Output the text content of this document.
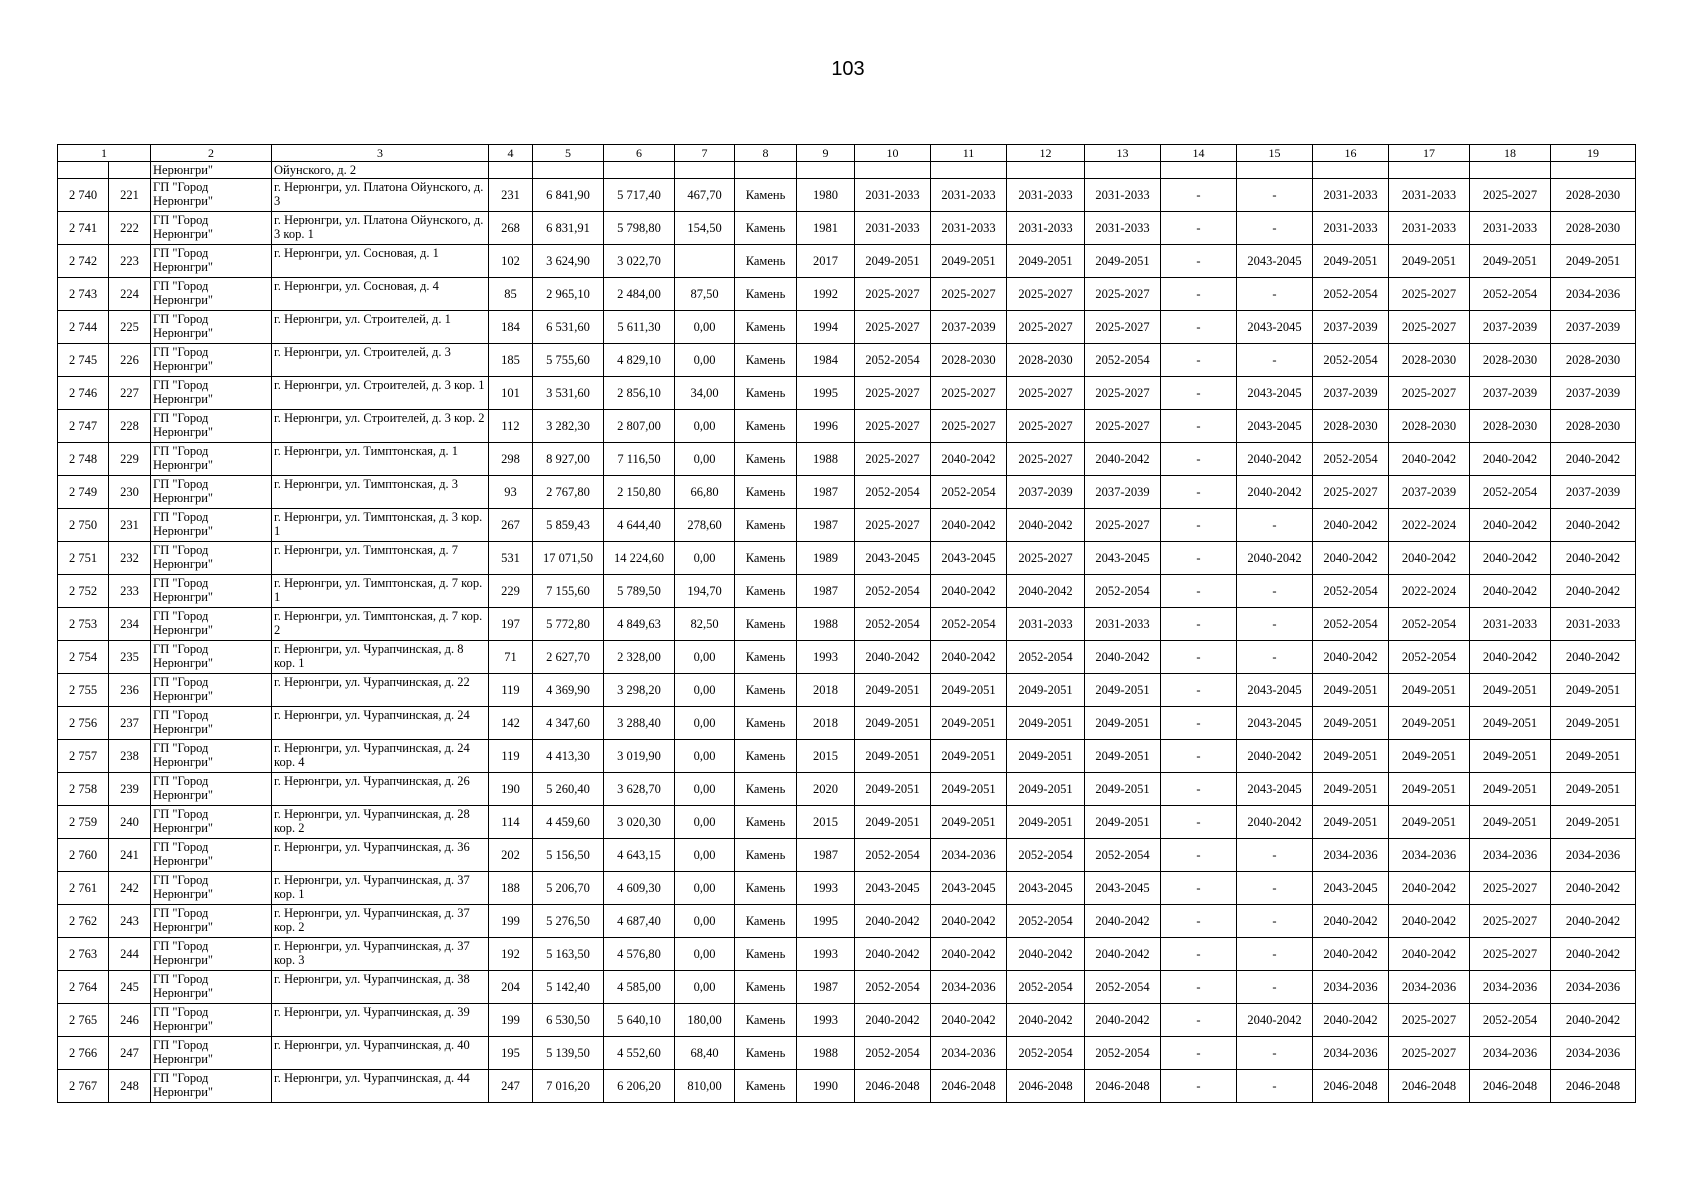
103
1		2	3	4	5	6	7	8	9	10	11	12	13	14	15	16	17	18	19
		Нерюнгри"	Ойунского, д. 2																
2 740	221	ГП "Город Нерюнгри"	г. Нерюнгри, ул. Платона Ойунского, д. 3	231	6 841,90	5 717,40	467,70	Камень	1980	2031-2033	2031-2033	2031-2033	2031-2033	-	-	2031-2033	2031-2033	2025-2027	2028-2030
2 741	222	ГП "Город Нерюнгри"	г. Нерюнгри, ул. Платона Ойунского, д. 3 кор. 1	268	6 831,91	5 798,80	154,50	Камень	1981	2031-2033	2031-2033	2031-2033	2031-2033	-	-	2031-2033	2031-2033	2031-2033	2028-2030
2 742	223	ГП "Город Нерюнгри"	г. Нерюнгри, ул. Сосновая, д. 1	102	3 624,90	3 022,70		Камень	2017	2049-2051	2049-2051	2049-2051	2049-2051	-	2043-2045	2049-2051	2049-2051	2049-2051	2049-2051
2 743	224	ГП "Город Нерюнгри"	г. Нерюнгри, ул. Сосновая, д. 4	85	2 965,10	2 484,00	87,50	Камень	1992	2025-2027	2025-2027	2025-2027	2025-2027	-	-	2052-2054	2025-2027	2052-2054	2034-2036
2 744	225	ГП "Город Нерюнгри"	г. Нерюнгри, ул. Строителей, д. 1	184	6 531,60	5 611,30	0,00	Камень	1994	2025-2027	2037-2039	2025-2027	2025-2027	-	2043-2045	2037-2039	2025-2027	2037-2039	2037-2039
2 745	226	ГП "Город Нерюнгри"	г. Нерюнгри, ул. Строителей, д. 3	185	5 755,60	4 829,10	0,00	Камень	1984	2052-2054	2028-2030	2028-2030	2052-2054	-	-	2052-2054	2028-2030	2028-2030	2028-2030
2 746	227	ГП "Город Нерюнгри"	г. Нерюнгри, ул. Строителей, д. 3 кор. 1	101	3 531,60	2 856,10	34,00	Камень	1995	2025-2027	2025-2027	2025-2027	2025-2027	-	2043-2045	2037-2039	2025-2027	2037-2039	2037-2039
2 747	228	ГП "Город Нерюнгри"	г. Нерюнгри, ул. Строителей, д. 3 кор. 2	112	3 282,30	2 807,00	0,00	Камень	1996	2025-2027	2025-2027	2025-2027	2025-2027	-	2043-2045	2028-2030	2028-2030	2028-2030	2028-2030
2 748	229	ГП "Город Нерюнгри"	г. Нерюнгри, ул. Тимптонская, д. 1	298	8 927,00	7 116,50	0,00	Камень	1988	2025-2027	2040-2042	2025-2027	2040-2042	-	2040-2042	2052-2054	2040-2042	2040-2042	2040-2042
2 749	230	ГП "Город Нерюнгри"	г. Нерюнгри, ул. Тимптонская, д. 3	93	2 767,80	2 150,80	66,80	Камень	1987	2052-2054	2052-2054	2037-2039	2037-2039	-	2040-2042	2025-2027	2037-2039	2052-2054	2037-2039
2 750	231	ГП "Город Нерюнгри"	г. Нерюнгри, ул. Тимптонская, д. 3 кор. 1	267	5 859,43	4 644,40	278,60	Камень	1987	2025-2027	2040-2042	2040-2042	2025-2027	-	-	2040-2042	2022-2024	2040-2042	2040-2042
2 751	232	ГП "Город Нерюнгри"	г. Нерюнгри, ул. Тимптонская, д. 7	531	17 071,50	14 224,60	0,00	Камень	1989	2043-2045	2043-2045	2025-2027	2043-2045	-	2040-2042	2040-2042	2040-2042	2040-2042	2040-2042
2 752	233	ГП "Город Нерюнгри"	г. Нерюнгри, ул. Тимптонская, д. 7 кор. 1	229	7 155,60	5 789,50	194,70	Камень	1987	2052-2054	2040-2042	2040-2042	2052-2054	-	-	2052-2054	2022-2024	2040-2042	2040-2042
2 753	234	ГП "Город Нерюнгри"	г. Нерюнгри, ул. Тимптонская, д. 7 кор. 2	197	5 772,80	4 849,63	82,50	Камень	1988	2052-2054	2052-2054	2031-2033	2031-2033	-	-	2052-2054	2052-2054	2031-2033	2031-2033
2 754	235	ГП "Город Нерюнгри"	г. Нерюнгри, ул. Чурапчинская, д. 8 кор. 1	71	2 627,70	2 328,00	0,00	Камень	1993	2040-2042	2040-2042	2052-2054	2040-2042	-	-	2040-2042	2052-2054	2040-2042	2040-2042
2 755	236	ГП "Город Нерюнгри"	г. Нерюнгри, ул. Чурапчинская, д. 22	119	4 369,90	3 298,20	0,00	Камень	2018	2049-2051	2049-2051	2049-2051	2049-2051	-	2043-2045	2049-2051	2049-2051	2049-2051	2049-2051
2 756	237	ГП "Город Нерюнгри"	г. Нерюнгри, ул. Чурапчинская, д. 24	142	4 347,60	3 288,40	0,00	Камень	2018	2049-2051	2049-2051	2049-2051	2049-2051	-	2043-2045	2049-2051	2049-2051	2049-2051	2049-2051
2 757	238	ГП "Город Нерюнгри"	г. Нерюнгри, ул. Чурапчинская, д. 24 кор. 4	119	4 413,30	3 019,90	0,00	Камень	2015	2049-2051	2049-2051	2049-2051	2049-2051	-	2040-2042	2049-2051	2049-2051	2049-2051	2049-2051
2 758	239	ГП "Город Нерюнгри"	г. Нерюнгри, ул. Чурапчинская, д. 26	190	5 260,40	3 628,70	0,00	Камень	2020	2049-2051	2049-2051	2049-2051	2049-2051	-	2043-2045	2049-2051	2049-2051	2049-2051	2049-2051
2 759	240	ГП "Город Нерюнгри"	г. Нерюнгри, ул. Чурапчинская, д. 28 кор. 2	114	4 459,60	3 020,30	0,00	Камень	2015	2049-2051	2049-2051	2049-2051	2049-2051	-	2040-2042	2049-2051	2049-2051	2049-2051	2049-2051
2 760	241	ГП "Город Нерюнгри"	г. Нерюнгри, ул. Чурапчинская, д. 36	202	5 156,50	4 643,15	0,00	Камень	1987	2052-2054	2034-2036	2052-2054	2052-2054	-	-	2034-2036	2034-2036	2034-2036	2034-2036
2 761	242	ГП "Город Нерюнгри"	г. Нерюнгри, ул. Чурапчинская, д. 37 кор. 1	188	5 206,70	4 609,30	0,00	Камень	1993	2043-2045	2043-2045	2043-2045	2043-2045	-	-	2043-2045	2040-2042	2025-2027	2040-2042
2 762	243	ГП "Город Нерюнгри"	г. Нерюнгри, ул. Чурапчинская, д. 37 кор. 2	199	5 276,50	4 687,40	0,00	Камень	1995	2040-2042	2040-2042	2052-2054	2040-2042	-	-	2040-2042	2040-2042	2025-2027	2040-2042
2 763	244	ГП "Город Нерюнгри"	г. Нерюнгри, ул. Чурапчинская, д. 37 кор. 3	192	5 163,50	4 576,80	0,00	Камень	1993	2040-2042	2040-2042	2040-2042	2040-2042	-	-	2040-2042	2040-2042	2025-2027	2040-2042
2 764	245	ГП "Город Нерюнгри"	г. Нерюнгри, ул. Чурапчинская, д. 38	204	5 142,40	4 585,00	0,00	Камень	1987	2052-2054	2034-2036	2052-2054	2052-2054	-	-	2034-2036	2034-2036	2034-2036	2034-2036
2 765	246	ГП "Город Нерюнгри"	г. Нерюнгри, ул. Чурапчинская, д. 39	199	6 530,50	5 640,10	180,00	Камень	1993	2040-2042	2040-2042	2040-2042	2040-2042	-	2040-2042	2040-2042	2025-2027	2052-2054	2040-2042
2 766	247	ГП "Город Нерюнгри"	г. Нерюнгри, ул. Чурапчинская, д. 40	195	5 139,50	4 552,60	68,40	Камень	1988	2052-2054	2034-2036	2052-2054	2052-2054	-	-	2034-2036	2025-2027	2034-2036	2034-2036
2 767	248	ГП "Город Нерюнгри"	г. Нерюнгри, ул. Чурапчинская, д. 44	247	7 016,20	6 206,20	810,00	Камень	1990	2046-2048	2046-2048	2046-2048	2046-2048	-	-	2046-2048	2046-2048	2046-2048	2046-2048
